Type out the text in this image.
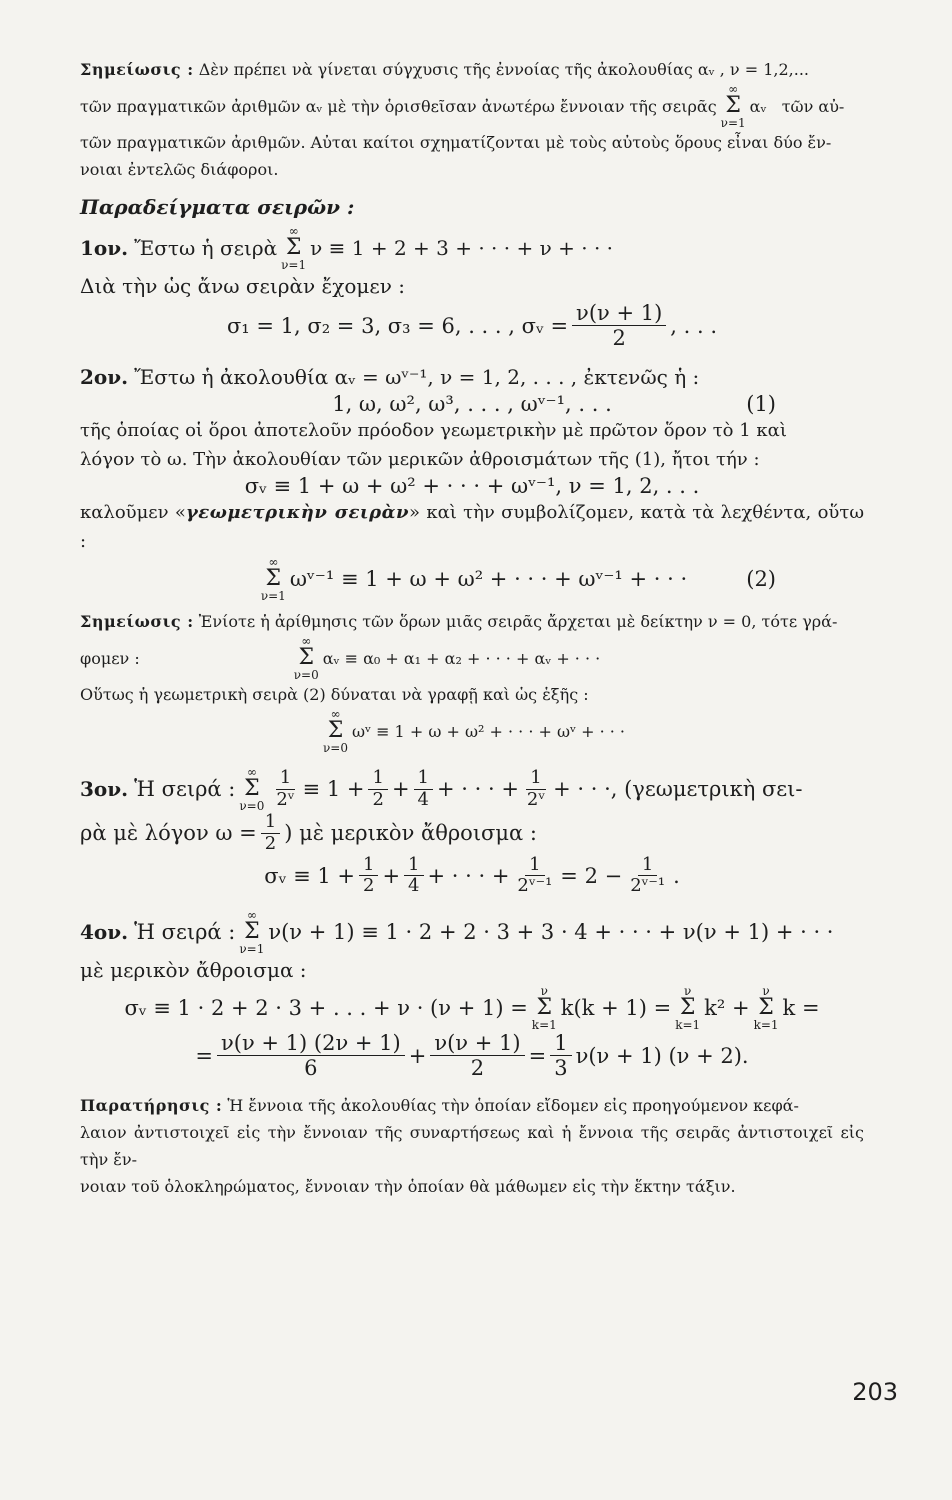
Σημείωσις : Δὲν πρέπει νὰ γίνεται σύγχυσις τῆς ἐννοίας τῆς ἀκολουθίας αᵥ , ν = 1,2,...

τῶν πραγματικῶν ἀριθμῶν αᵥ μὲ τὴν ὁρισθεῖσαν ἀνωτέρω ἔννοιαν τῆς σειρᾶς
∞
Σ
ν=1
αᵥ
τῶν αὐ-

τῶν πραγματικῶν ἀριθμῶν. Αὐται καίτοι σχηματίζονται μὲ τοὺς αὐτοὺς ὅρους εἶναι δύο ἔν-

νοιαι ἐντελῶς διάφοροι.

Παραδείγματα σειρῶν :
1ον. Ἔστω ἡ σειρὰ
∞
Σ
ν=1
ν ≡ 1 + 2 + 3 + · · · + ν + · · ·
Διὰ τὴν ὡς ἄνω σειρὰν ἔχομεν :
σ₁ = 1, σ₂ = 3, σ₃ = 6, . . . , σᵥ = $\frac{\nu(\nu + 1)}{2}$ , . . .
2ον. Ἔστω ἡ ἀκολουθία αᵥ = ωᵛ⁻¹, ν = 1, 2, . . . , ἐκτενῶς ἡ :
1, ω, ω², ω³, . . . , ωᵛ⁻¹, . . .	(1)

τῆς ὁποίας οἱ ὅροι ἀποτελοῦν πρόοδον γεωμετρικὴν μὲ πρῶτον ὅρον τὸ 1 καὶ

λόγον τὸ ω. Τὴν ἀκολουθίαν τῶν μερικῶν ἀθροισμάτων τῆς (1), ἤτοι τήν :

σᵥ ≡ 1 + ω + ω² + · · · + ωᵛ⁻¹, ν = 1, 2, . . .

καλοῦμεν «γεωμετρικὴν σειρὰν» καὶ τὴν συμβολίζομεν, κατὰ τὰ λεχθέντα, οὕτω :

∞
Σ
ν=1
ωᵛ⁻¹ ≡ 1 + ω + ω² + · · · + ωᵛ⁻¹ + · · ·	(2)

Σημείωσις : Ἐνίοτε ἡ ἀρίθμησις τῶν ὅρων μιᾶς σειρᾶς ἄρχεται μὲ δείκτην ν = 0, τότε γρά-

φομεν :
∞
Σ
ν=0
αᵥ ≡ α₀ + α₁ + α₂ + · · · + αᵥ + · · ·

Οὕτως ἡ γεωμετρικὴ σειρὰ (2) δύναται νὰ γραφῇ καὶ ὡς ἑξῆς :

∞
Σ
ν=0
ωᵛ ≡ 1 + ω + ω² + · · · + ωᵛ + · · ·
3ον. Ἡ σειρά :
∞
Σ
$\nu=0 \frac{1}{\text{2ᵛ}}$ ≡
1
+ $\frac{1}{2} + \frac{1}{4}$ + · · · + $\frac{1}{\text{2ᵛ}}$ + · · · , (γεωμετρικὴ σει-
ρὰ μὲ λόγον $\omega = \frac{1}{2}$ ) μὲ μερικὸν ἄθροισμα :
σᵥ ≡ $1 + \frac{1}{2} + \frac{1}{4}$ + · · · + $\frac{1}{\text{2ᵛ⁻¹}} = 2 - \frac{1}{\text{2ᵛ⁻¹}}$ .
4ον. Ἡ σειρά :
∞
Σ
ν=1
ν(ν + 1) ≡ 1 · 2 + 2 · 3 + 3 · 4 + · · · + ν(ν + 1) + · · ·
μὲ μερικὸν ἄθροισμα :
σᵥ ≡ 1 · 2 + 2 · 3 + . . . + ν · (ν + 1) =
ν
Σ
k=1
k(k + 1) =
ν
Σ
k=1
k² +
ν
Σ
k=1
k =
= $\frac{\nu(\nu + 1) (2\nu + 1)}{6} + \frac{\nu(\nu + 1)}{2} = \frac{1}{3} \nu(\nu + 1) (\nu + 2)$.

Παρατήρησις : Ἡ ἔννοια τῆς ἀκολουθίας τὴν ὁποίαν εἴδομεν εἰς προηγούμενον κεφά-

λαιον ἀντιστοιχεῖ εἰς τὴν ἔννοιαν τῆς συναρτήσεως καὶ ἡ ἔννοια τῆς σειρᾶς ἀντιστοιχεῖ εἰς τὴν ἔν-

νοιαν τοῦ ὁλοκληρώματος, ἔννοιαν τὴν ὁποίαν θὰ μάθωμεν εἰς τὴν ἕκτην τάξιν.

203
